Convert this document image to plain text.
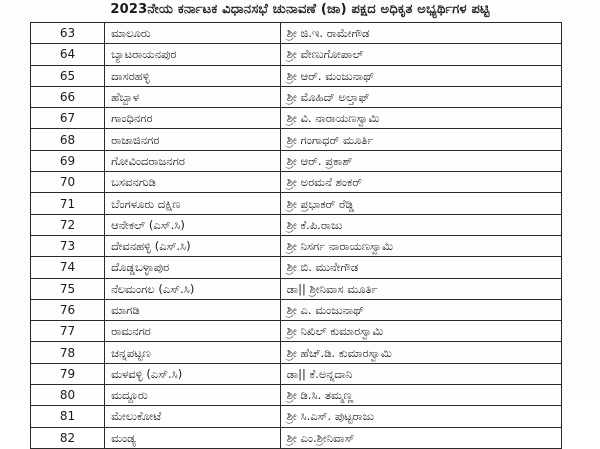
2023ನೇಯ ಕರ್ನಾಟಕ ವಿಧಾನಸಭೆ ಚುನಾವಣೆ (ಜಾ) ಪಕ್ಷದ ಅಧಿಕೃತ ಅಭ್ಯರ್ಥಿಗಳ ಪಟ್ಟಿ
63	ಮಾಲೂರು	ಶ್ರೀ ಜಿ.ಇ. ರಾಮೇಗೌಡ
64	ಬ್ಯಾಟರಾಯನಪುರ	ಶ್ರೀ ವೇಣುಗೋಪಾಲ್
65	ದಾಸರಹಳ್ಳಿ	ಶ್ರೀ ಆರ್. ಮಂಜುನಾಥ್
66	ಹೆಬ್ಬಾಳ	ಶ್ರೀ ಮೊಹಿದ್ ಅಲ್ತಾಫ್
67	ಗಾಂಧಿನಗರ	ಶ್ರೀ ವಿ. ನಾರಾಯಣಸ್ವಾಮಿ
68	ರಾಜಾಜಿನಗರ	ಶ್ರೀ ಗಂಗಾಧರ್ ಮೂರ್ತಿ
69	ಗೋವಿಂದರಾಜನಗರ	ಶ್ರೀ ಆರ್. ಪ್ರಕಾಶ್
70	ಬಸವನಗುಡಿ	ಶ್ರೀ ಅರಮನೆ ಶಂಕರ್
71	ಬೆಂಗಳೂರು ದಕ್ಷಿಣ	ಶ್ರೀ ಪ್ರಭಾಕರ್ ರೆಡ್ಡಿ
72	ಆನೇಕಲ್ (ಎಸ್.ಸಿ)	ಶ್ರೀ ಕೆ.ಪಿ.ರಾಜು
73	ದೇವನಹಳ್ಳಿ (ಎಸ್.ಸಿ)	ಶ್ರೀ ನಿಸರ್ಗ ನಾರಾಯಣಸ್ವಾಮಿ
74	ದೊಡ್ಡಬಳ್ಳಾಪುರ	ಶ್ರೀ ಬಿ. ಮುನೇಗೌಡ
75	ನೆಲಮಂಗಲ (ಎಸ್.ಸಿ)	ಡಾ|| ಶ್ರೀನಿವಾಸ ಮೂರ್ತಿ
76	ಮಾಗಡಿ	ಶ್ರೀ ಎ. ಮಂಜುನಾಥ್
77	ರಾಮನಗರ	ಶ್ರೀ ನಿಖಿಲ್ ಕುಮಾರಸ್ವಾಮಿ
78	ಚನ್ನಪಟ್ಟಣ	ಶ್ರೀ ಹೆಚ್.ಡಿ. ಕುಮಾರಸ್ವಾಮಿ
79	ಮಳವಳ್ಳಿ (ಎಸ್.ಸಿ)	ಡಾ|| ಕೆ.ಅನ್ನದಾನಿ
80	ಮದ್ದೂರು	ಶ್ರೀ ಡಿ.ಸಿ. ತಮ್ಮಣ್ಣ
81	ಮೇಲುಕೋಟೆ	ಶ್ರೀ ಸಿ.ಎಸ್. ಪುಟ್ಟರಾಜು
82	ಮಂಡ್ಯ	ಶ್ರೀ ಎಂ.ಶ್ರೀನಿವಾಸ್
